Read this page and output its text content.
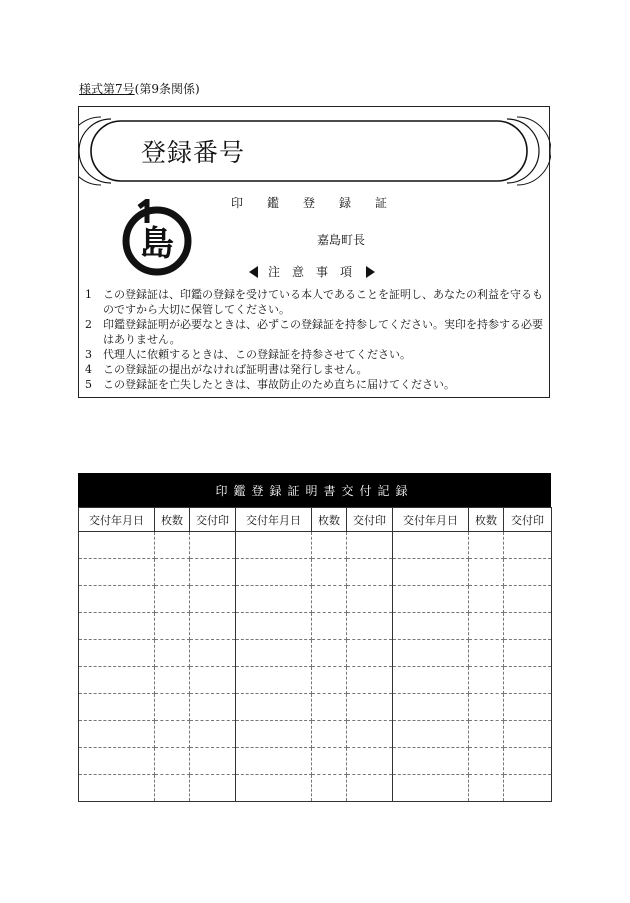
様式第7号(第9条関係)
登録番号
島
印鑑登録証
嘉島町長
注意事項
1	この登録証は、印鑑の登録を受けている本人であることを証明し、あなたの利益を守るものですから大切に保管してください。
2	印鑑登録証明が必要なときは、必ずこの登録証を持参してください。実印を持参する必要はありません。
3	代理人に依頼するときは、この登録証を持参させてください。
4	この登録証の提出がなければ証明書は発行しません。
5	この登録証を亡失したときは、事故防止のため直ちに届けてください。
印鑑登録証明書交付記録
交付年月日	枚数	交付印	交付年月日	枚数	交付印	交付年月日	枚数	交付印
